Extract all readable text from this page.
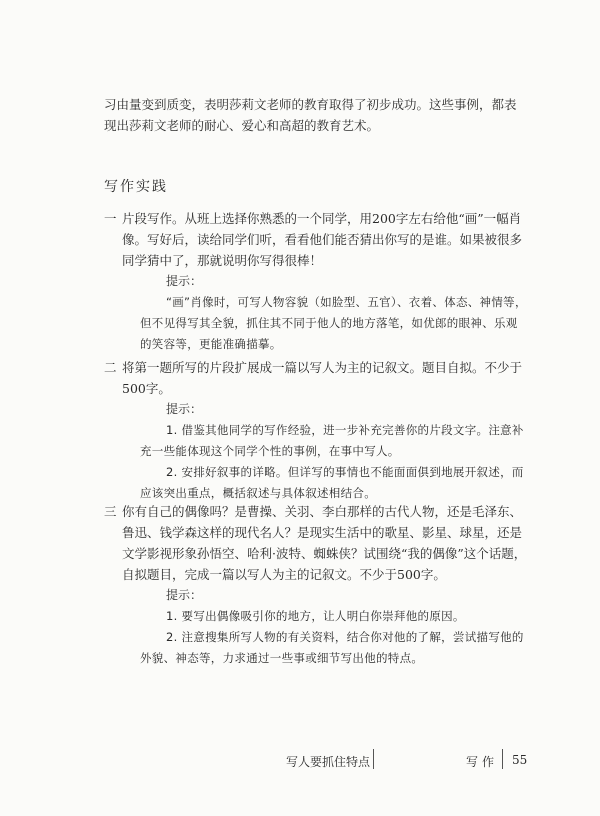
习由量变到质变，表明莎莉文老师的教育取得了初步成功。这些事例，都表现出莎莉文老师的耐心、爱心和高超的教育艺术。
写作实践
一 片段写作。从班上选择你熟悉的一个同学，用200字左右给他“画”一幅肖像。写好后，读给同学们听，看看他们能否猜出你写的是谁。如果被很多同学猜中了，那就说明你写得很棒！
提示：
“画”肖像时，可写人物容貌（如脸型、五官）、衣着、体态、神情等，但不见得写其全貌，抓住其不同于他人的地方落笔，如优郎的眼神、乐观的笑容等，更能准确描摹。
二 将第一题所写的片段扩展成一篇以写人为主的记叙文。题目自拟。不少于500字。
提示：
1. 借鉴其他同学的写作经验，进一步补充完善你的片段文字。注意补充一些能体现这个同学个性的事例，在事中写人。
2. 安排好叙事的详略。但详写的事情也不能面面俱到地展开叙述，而应该突出重点，概括叙述与具体叙述相结合。
三 你有自己的偶像吗？是曹操、关羽、李白那样的古代人物，还是毛泽东、鲁迅、钱学森这样的现代名人？是现实生活中的歌星、影星、球星，还是文学影视形象孙悟空、哈利·波特、蜘蛛侠？试围绕“我的偶像”这个话题，自拟题目，完成一篇以写人为主的记叙文。不少于500字。
提示：
1. 要写出偶像吸引你的地方，让人明白你崇拜他的原因。
2. 注意搜集所写人物的有关资料，结合你对他的了解，尝试描写他的外貌、神态等，力求通过一些事或细节写出他的特点。
写人要抓住特点	写作 55
